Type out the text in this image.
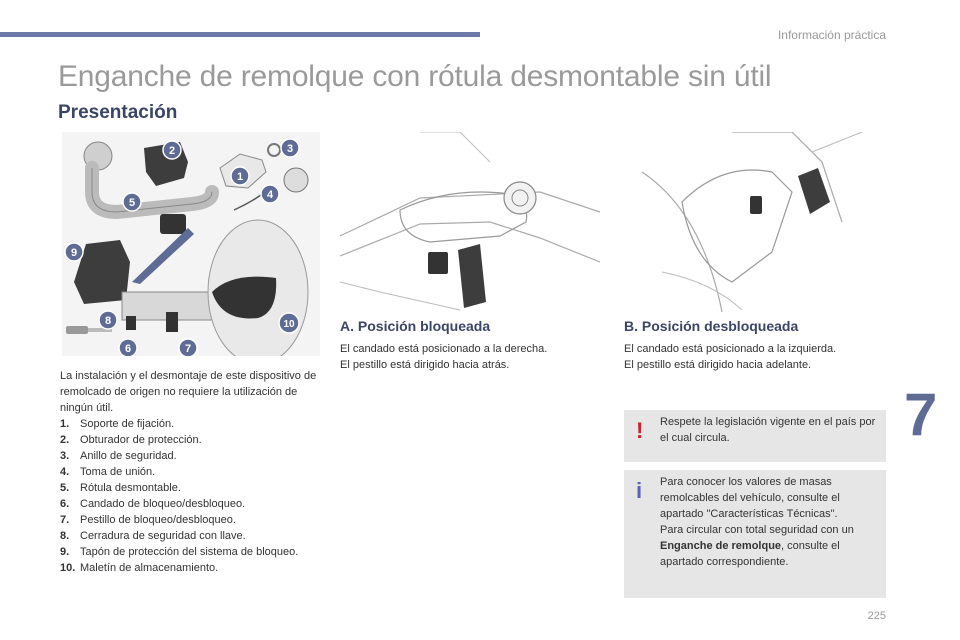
Información práctica
Enganche de remolque con rótula desmontable sin útil
Presentación
1
2	3
4
5
6	7
8
9
10

La instalación y el desmontaje de este dispositivo de remolcado de origen no requiere la utilización de ningún útil.

1. Soporte de fijación.
2. Obturador de protección.
3. Anillo de seguridad.
4. Toma de unión.
5. Rótula desmontable.
6. Candado de bloqueo/desbloqueo.
7. Pestillo de bloqueo/desbloqueo.
8. Cerradura de seguridad con llave.
9. Tapón de protección del sistema de bloqueo.
10. Maletín de almacenamiento.
A. Posición bloqueada

El candado está posicionado a la derecha.

El pestillo está dirigido hacia atrás.

B. Posición desbloqueada

El candado está posicionado a la izquierda.

El pestillo está dirigido hacia adelante.

! Respete la legislación vigente en el país por el cual circula.
i Para conocer los valores de masas remolcables del vehículo, consulte el apartado "Características Técnicas".

Para circular con total seguridad con un Enganche de remolque, consulte el apartado correspondiente.

7
225
